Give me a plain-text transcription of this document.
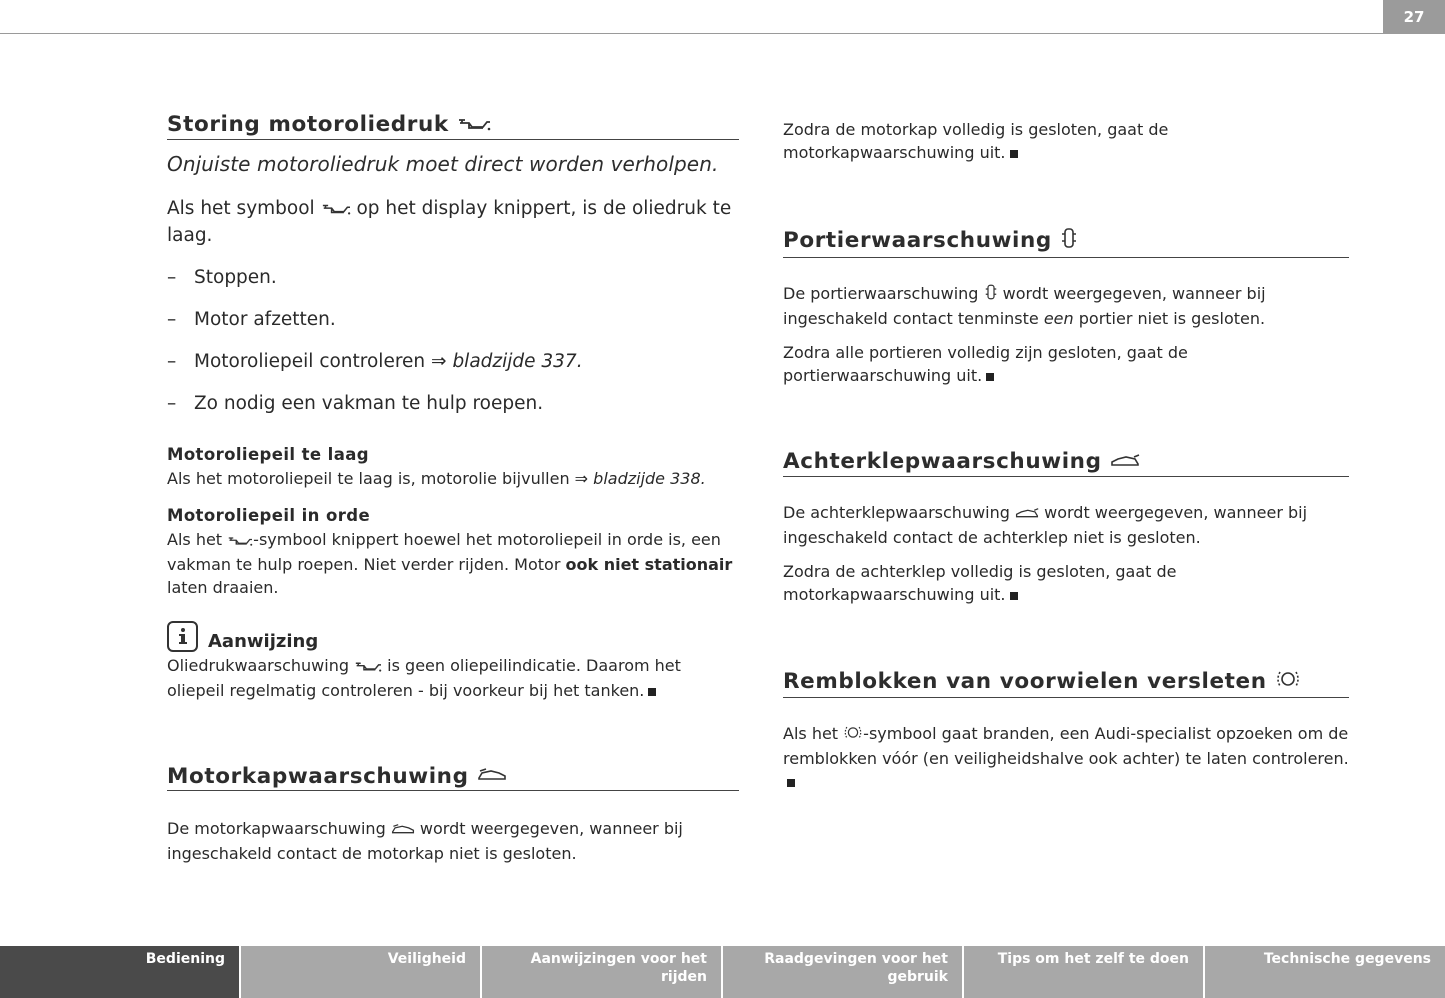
27
Storing motoroliedruk

Onjuiste motoroliedruk moet direct worden verholpen.

Als het symbool op het display knippert, is de oliedruk te laag.

– Stoppen.
– Motor afzetten.
– Motoroliepeil controleren ⇒ bladzijde 337.
– Zo nodig een vakman te hulp roepen.

Motoroliepeil te laag

Als het motoroliepeil te laag is, motorolie bijvullen ⇒ bladzijde 338.

Motoroliepeil in orde

Als het -symbool knippert hoewel het motoroliepeil in orde is, een vakman te hulp roepen. Niet verder rijden. Motor ook niet stationair laten draaien.

Aanwijzing

Oliedrukwaarschuwing is geen oliepeilindicatie. Daarom het oliepeil regelmatig controleren - bij voorkeur bij het tanken.

Motorkapwaarschuwing

De motorkapwaarschuwing wordt weergegeven, wanneer bij ingeschakeld contact de motorkap niet is gesloten.

Zodra de motorkap volledig is gesloten, gaat de motorkapwaarschuwing uit.

Portierwaarschuwing

De portierwaarschuwing wordt weergegeven, wanneer bij ingeschakeld contact tenminste een portier niet is gesloten.

Zodra alle portieren volledig zijn gesloten, gaat de portierwaarschuwing uit.

Achterklepwaarschuwing

De achterklepwaarschuwing wordt weergegeven, wanneer bij ingeschakeld contact de achterklep niet is gesloten.

Zodra de achterklep volledig is gesloten, gaat de motorkapwaarschuwing uit.

Remblokken van voorwielen versleten

Als het -symbool gaat branden, een Audi-specialist opzoeken om de remblokken vóór (en veiligheidshalve ook achter) te laten controleren.

Bediening	Veiligheid	Aanwijzingen voor het rijden
Raadgevingen voor het gebruik
Tips om het zelf te doen	Technische gegevens
